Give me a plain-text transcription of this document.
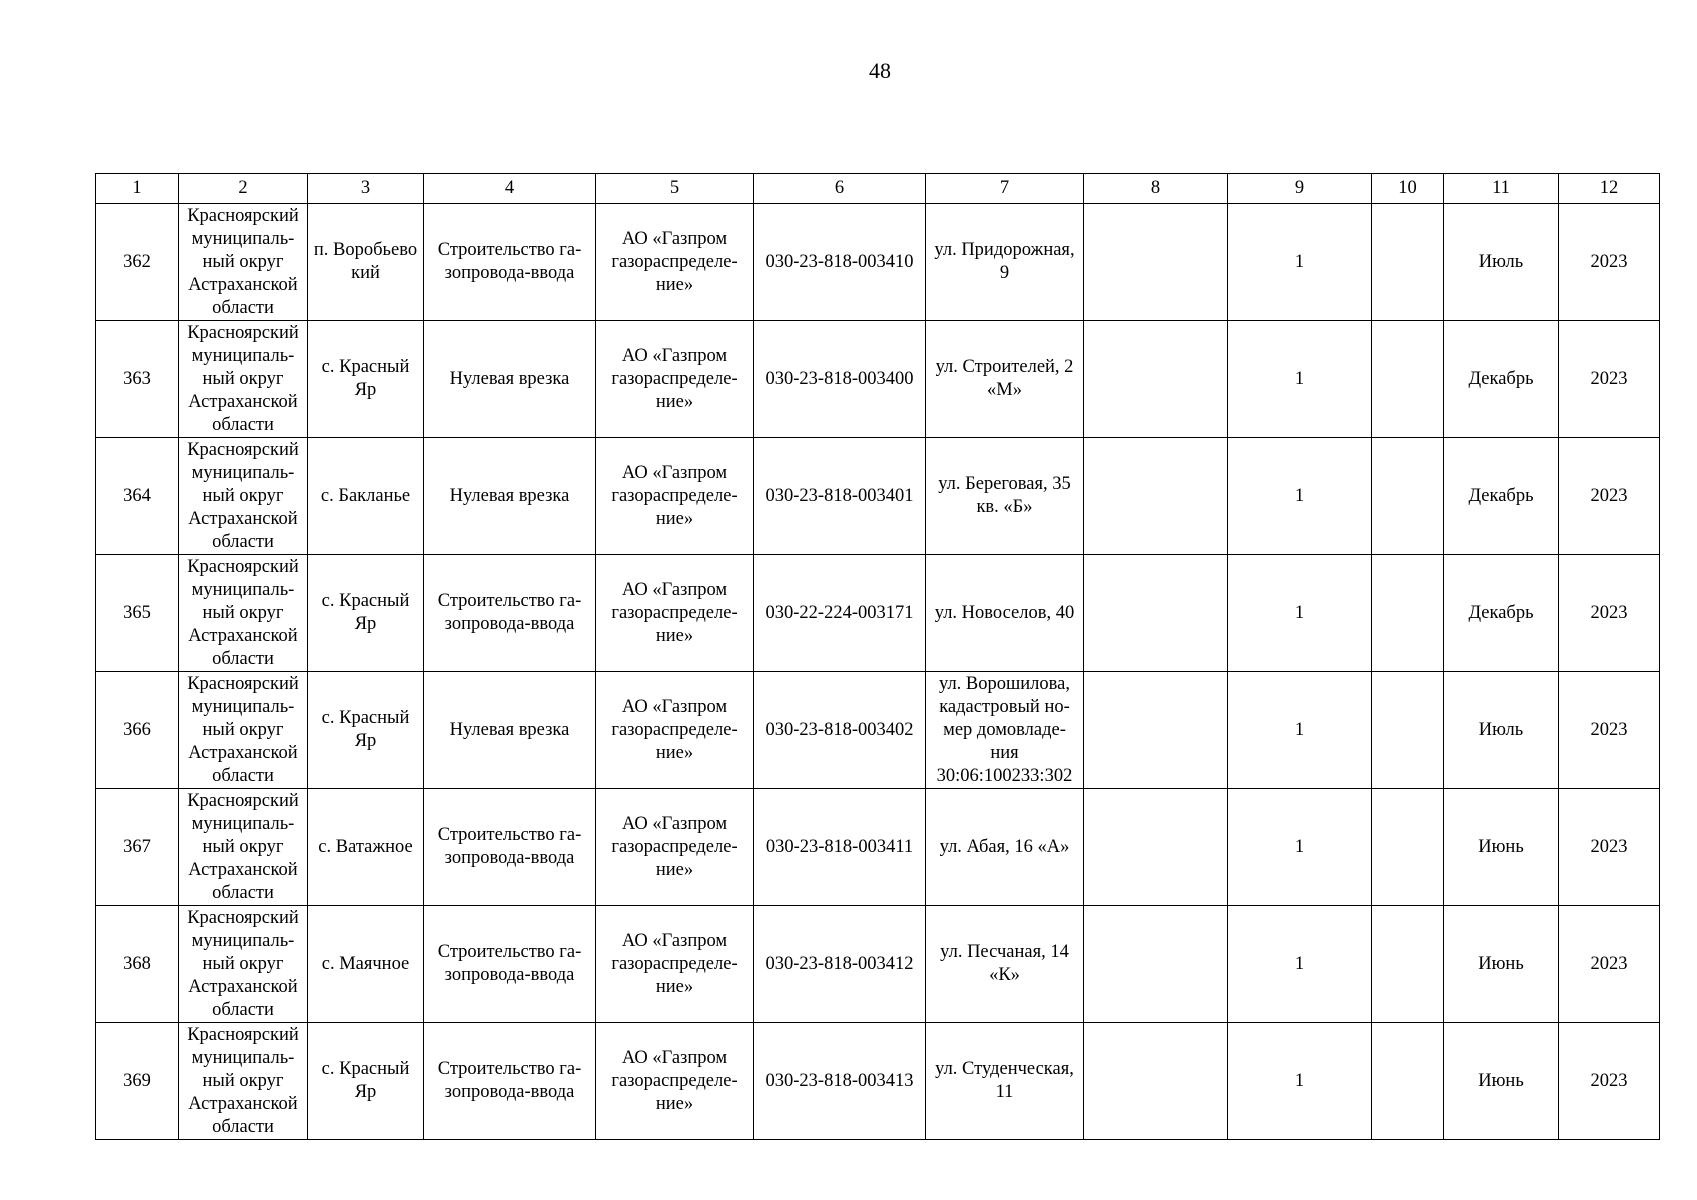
48
1	2	3	4	5	6	7	8	9	10	11	12
362	Красноярский муниципаль- ный округ Астраханской области	п. Воробьево кий	Строительство га- зопровода-ввода	АО «Газпром газораспределе- ние»	030-23-818-003410	ул. Придорожная, 9		1		Июль	2023
363	Красноярский муниципаль- ный округ Астраханской области	с. Красный Яр	Нулевая врезка	АО «Газпром газораспределе- ние»	030-23-818-003400	ул. Строителей, 2 «М»		1		Декабрь	2023
364	Красноярский муниципаль- ный округ Астраханской области	с. Бакланье	Нулевая врезка	АО «Газпром газораспределе- ние»	030-23-818-003401	ул. Береговая, 35 кв. «Б»		1		Декабрь	2023
365	Красноярский муниципаль- ный округ Астраханской области	с. Красный Яр	Строительство га- зопровода-ввода	АО «Газпром газораспределе- ние»	030-22-224-003171	ул. Новоселов, 40		1		Декабрь	2023
366	Красноярский муниципаль- ный округ Астраханской области	с. Красный Яр	Нулевая врезка	АО «Газпром газораспределе- ние»	030-23-818-003402	ул. Ворошилова, кадастровый но- мер домовладе- ния 30:06:100233:302		1		Июль	2023
367	Красноярский муниципаль- ный округ Астраханской области	с. Ватажное	Строительство га- зопровода-ввода	АО «Газпром газораспределе- ние»	030-23-818-003411	ул. Абая, 16 «А»		1		Июнь	2023
368	Красноярский муниципаль- ный округ Астраханской области	с. Маячное	Строительство га- зопровода-ввода	АО «Газпром газораспределе- ние»	030-23-818-003412	ул. Песчаная, 14 «К»		1		Июнь	2023
369	Красноярский муниципаль- ный округ Астраханской области	с. Красный Яр	Строительство га- зопровода-ввода	АО «Газпром газораспределе- ние»	030-23-818-003413	ул. Студенческая, 11		1		Июнь	2023
